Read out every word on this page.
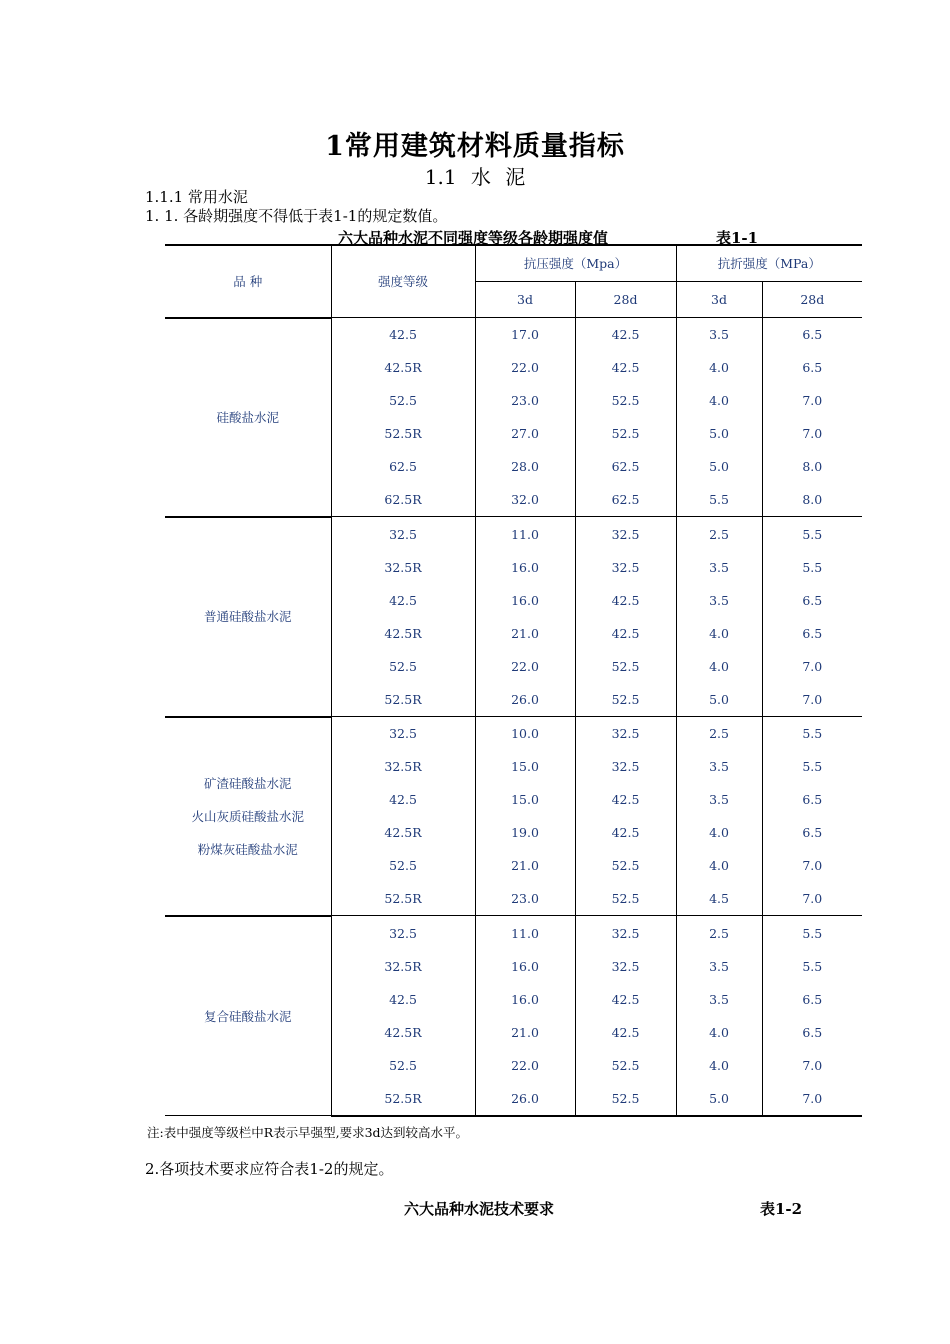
1常用建筑材料质量指标
1.1 水 泥
1.1.1 常用水泥
1. 1. 各龄期强度不得低于表1-1的规定数值。
六大品种水泥不同强度等级各龄期强度值	表1-1
品 种	强度等级	抗压强度（Mpa）		抗折强度（MPa）	
		3d	28d	3d	28d

硅酸盐水泥	42.5	17.0	42.5	3.5	6.5
	42.5R	22.0	42.5	4.0	6.5
	52.5	23.0	52.5	4.0	7.0
	52.5R	27.0	52.5	5.0	7.0
	62.5	28.0	62.5	5.0	8.0
	62.5R	32.0	62.5	5.5	8.0

普通硅酸盐水泥	32.5	11.0	32.5	2.5	5.5
	32.5R	16.0	32.5	3.5	5.5
	42.5	16.0	42.5	3.5	6.5
	42.5R	21.0	42.5	4.0	6.5
	52.5	22.0	52.5	4.0	7.0
	52.5R	26.0	52.5	5.0	7.0

矿渣硅酸盐水泥
火山灰质硅酸盐水泥
粉煤灰硅酸盐水泥	32.5	10.0	32.5	2.5	5.5
	32.5R	15.0	32.5	3.5	5.5
	42.5	15.0	42.5	3.5	6.5
	42.5R	19.0	42.5	4.0	6.5
	52.5	21.0	52.5	4.0	7.0
	52.5R	23.0	52.5	4.5	7.0

复合硅酸盐水泥	32.5	11.0	32.5	2.5	5.5
	32.5R	16.0	32.5	3.5	5.5
	42.5	16.0	42.5	3.5	6.5
	42.5R	21.0	42.5	4.0	6.5
	52.5	22.0	52.5	4.0	7.0
	52.5R	26.0	52.5	5.0	7.0
注:表中强度等级栏中R表示早强型,要求3d达到较高水平。
2.各项技术要求应符合表1-2的规定。
六大品种水泥技术要求	表1-2
